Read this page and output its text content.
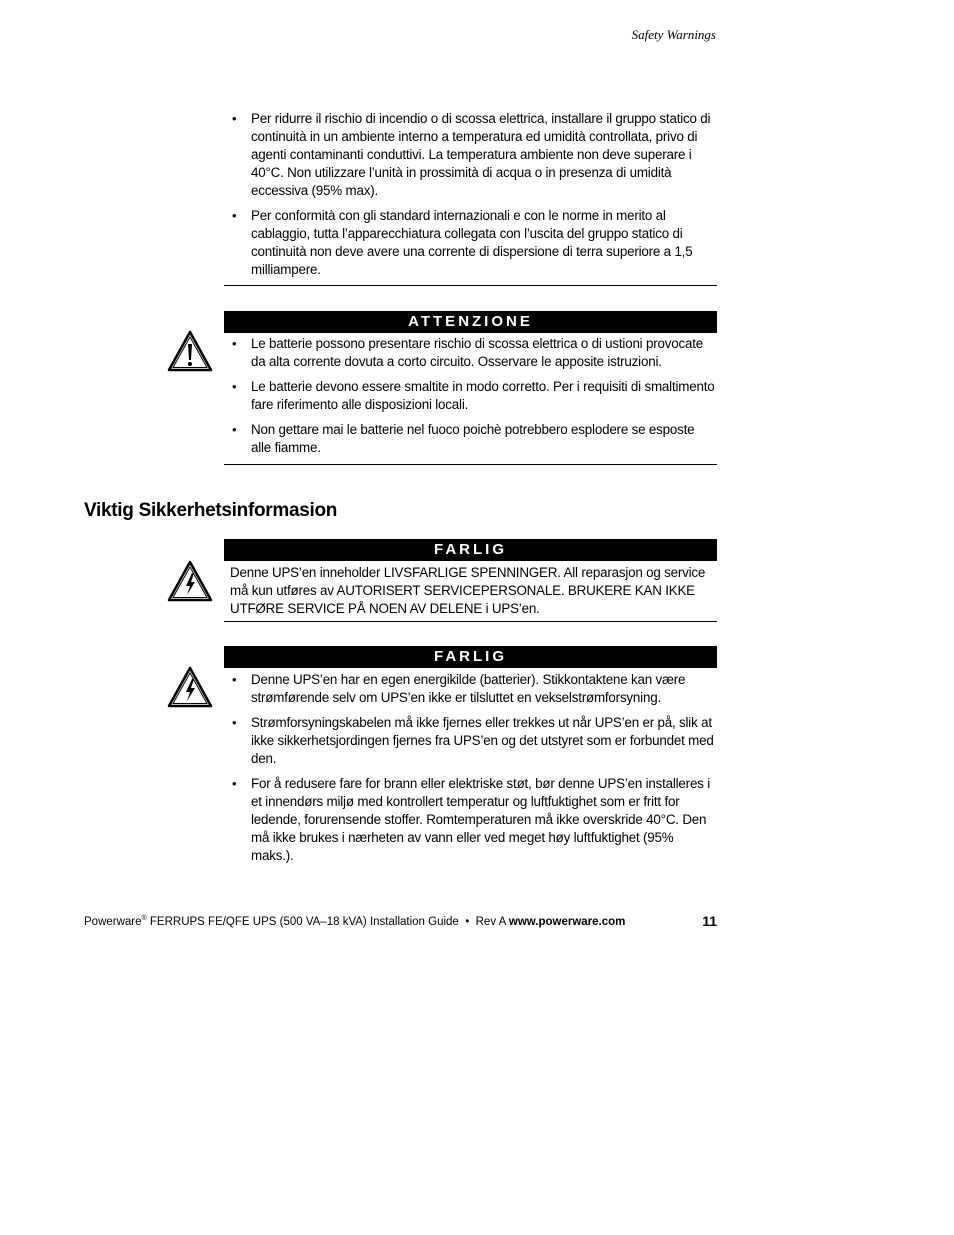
Safety Warnings
• Per ridurre il rischio di incendio o di scossa elettrica, installare il gruppo statico di continuità in un ambiente interno a temperatura ed umidità controllata, privo di agenti contaminanti conduttivi. La temperatura ambiente non deve superare i 40°C. Non utilizzare l’unità in prossimità di acqua o in presenza di umidità eccessiva (95% max).
• Per conformità con gli standard internazionali e con le norme in merito al cablaggio, tutta l’apparecchiatura collegata con l’uscita del gruppo statico di continuità non deve avere una corrente di dispersione di terra superiore a 1,5 milliampere.
ATTENZIONE
• Le batterie possono presentare rischio di scossa elettrica o di ustioni provocate da alta corrente dovuta a corto circuito. Osservare le apposite istruzioni.
• Le batterie devono essere smaltite in modo corretto. Per i requisiti di smaltimento fare riferimento alle disposizioni locali.
• Non gettare mai le batterie nel fuoco poichè potrebbero esplodere se esposte alle fiamme.
Viktig Sikkerhetsinformasion
FARLIG
Denne UPS’en inneholder LIVSFARLIGE SPENNINGER. All reparasjon og service må kun utføres av AUTORISERT SERVICEPERSONALE. BRUKERE KAN IKKE UTFØRE SERVICE PÅ NOEN AV DELENE i UPS’en.
FARLIG
• Denne UPS’en har en egen energikilde (batterier). Stikkontaktene kan være strømførende selv om UPS’en ikke er tilsluttet en vekselstrømforsyning.
• Strømforsyningskabelen må ikke fjernes eller trekkes ut når UPS’en er på, slik at ikke sikkerhetsjordingen fjernes fra UPS’en og det utstyret som er forbundet med den.
• For å redusere fare for brann eller elektriske støt, bør denne UPS’en installeres i et innendørs miljø med kontrollert temperatur og luftfuktighet som er fritt for ledende, forurensende stoffer. Romtemperaturen må ikke overskride 40°C. Den må ikke brukes i nærheten av vann eller ved meget høy luftfuktighet (95% maks.).
Powerware® FERRUPS FE/QFE UPS (500 VA–18 kVA) Installation Guide  •  Rev A www.powerware.com	11
